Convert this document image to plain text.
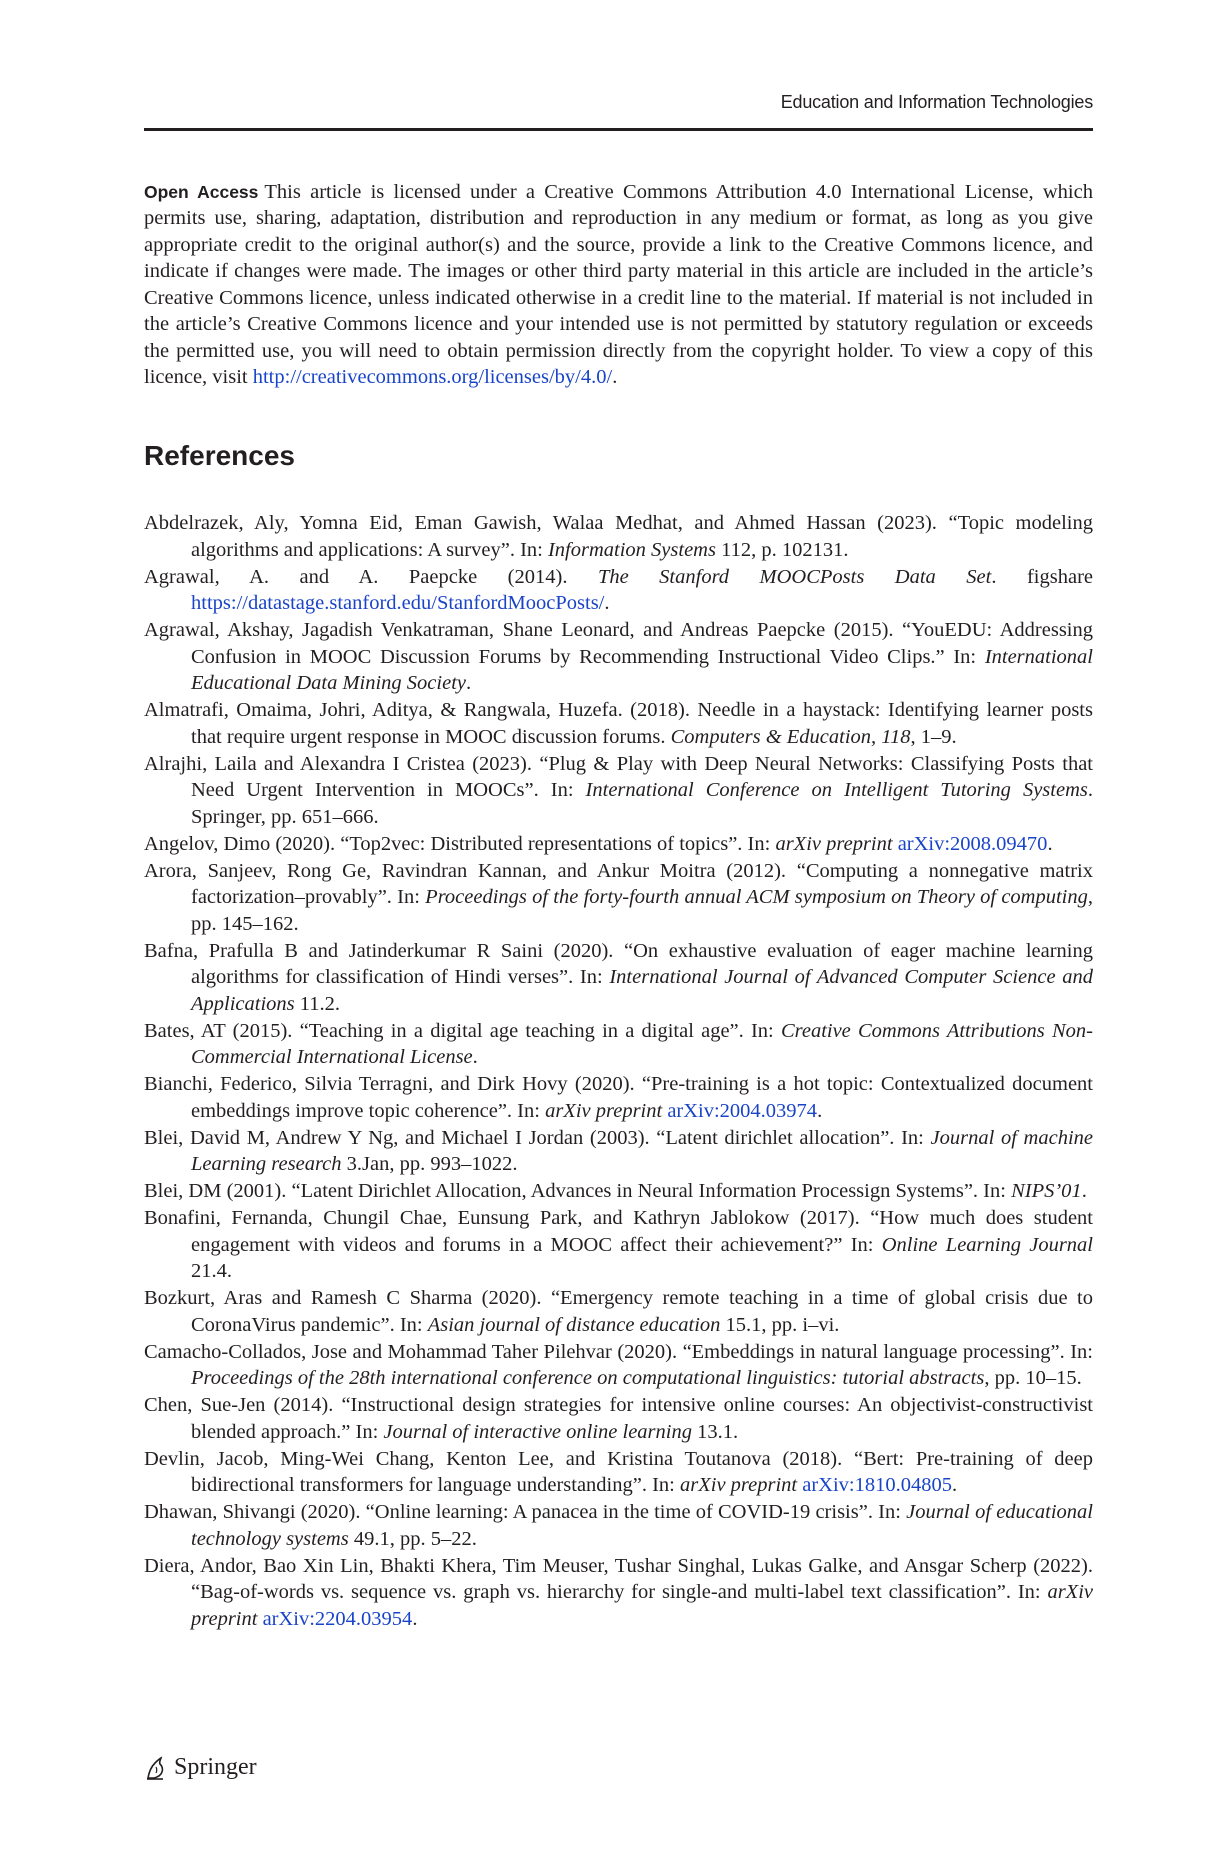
Education and Information Technologies

Open Access This article is licensed under a Creative Commons Attribution 4.0 International License, which permits use, sharing, adaptation, distribution and reproduction in any medium or format, as long as you give appropriate credit to the original author(s) and the source, provide a link to the Creative Commons licence, and indicate if changes were made. The images or other third party material in this article are included in the article’s Creative Commons licence, unless indicated otherwise in a credit line to the material. If material is not included in the article’s Creative Commons licence and your intended use is not permitted by statutory regulation or exceeds the permitted use, you will need to obtain permission directly from the copyright holder. To view a copy of this licence, visit http://creativecommons.org/licenses/by/4.0/.

References
Abdelrazek, Aly, Yomna Eid, Eman Gawish, Walaa Medhat, and Ahmed Hassan (2023). “Topic modeling algorithms and applications: A survey”. In: Information Systems 112, p. 102131.
Agrawal, A. and A. Paepcke (2014). The Stanford MOOCPosts Data Set. figshare https://datastage.stanford.edu/StanfordMoocPosts/.
Agrawal, Akshay, Jagadish Venkatraman, Shane Leonard, and Andreas Paepcke (2015). “YouEDU: Addressing Confusion in MOOC Discussion Forums by Recommending Instructional Video Clips.” In: International Educational Data Mining Society.
Almatrafi, Omaima, Johri, Aditya, & Rangwala, Huzefa. (2018). Needle in a haystack: Identifying learner posts that require urgent response in MOOC discussion forums. Computers & Education, 118, 1–9.
Alrajhi, Laila and Alexandra I Cristea (2023). “Plug & Play with Deep Neural Networks: Classifying Posts that Need Urgent Intervention in MOOCs”. In: International Conference on Intelligent Tutoring Systems. Springer, pp. 651–666.
Angelov, Dimo (2020). “Top2vec: Distributed representations of topics”. In: arXiv preprint arXiv:2008.09470.
Arora, Sanjeev, Rong Ge, Ravindran Kannan, and Ankur Moitra (2012). “Computing a nonnegative matrix factorization–provably”. In: Proceedings of the forty-fourth annual ACM symposium on Theory of computing, pp. 145–162.
Bafna, Prafulla B and Jatinderkumar R Saini (2020). “On exhaustive evaluation of eager machine learning algorithms for classification of Hindi verses”. In: International Journal of Advanced Computer Science and Applications 11.2.
Bates, AT (2015). “Teaching in a digital age teaching in a digital age”. In: Creative Commons Attributions Non-Commercial International License.
Bianchi, Federico, Silvia Terragni, and Dirk Hovy (2020). “Pre-training is a hot topic: Contextualized document embeddings improve topic coherence”. In: arXiv preprint arXiv:2004.03974.
Blei, David M, Andrew Y Ng, and Michael I Jordan (2003). “Latent dirichlet allocation”. In: Journal of machine Learning research 3.Jan, pp. 993–1022.
Blei, DM (2001). “Latent Dirichlet Allocation, Advances in Neural Information Processign Systems”. In: NIPS’01.
Bonafini, Fernanda, Chungil Chae, Eunsung Park, and Kathryn Jablokow (2017). “How much does student engagement with videos and forums in a MOOC affect their achievement?” In: Online Learning Journal 21.4.
Bozkurt, Aras and Ramesh C Sharma (2020). “Emergency remote teaching in a time of global crisis due to CoronaVirus pandemic”. In: Asian journal of distance education 15.1, pp. i–vi.
Camacho-Collados, Jose and Mohammad Taher Pilehvar (2020). “Embeddings in natural language processing”. In: Proceedings of the 28th international conference on computational linguistics: tutorial abstracts, pp. 10–15.
Chen, Sue-Jen (2014). “Instructional design strategies for intensive online courses: An objectivist-constructivist blended approach.” In: Journal of interactive online learning 13.1.
Devlin, Jacob, Ming-Wei Chang, Kenton Lee, and Kristina Toutanova (2018). “Bert: Pre-training of deep bidirectional transformers for language understanding”. In: arXiv preprint arXiv:1810.04805.
Dhawan, Shivangi (2020). “Online learning: A panacea in the time of COVID-19 crisis”. In: Journal of educational technology systems 49.1, pp. 5–22.
Diera, Andor, Bao Xin Lin, Bhakti Khera, Tim Meuser, Tushar Singhal, Lukas Galke, and Ansgar Scherp (2022). “Bag-of-words vs. sequence vs. graph vs. hierarchy for single-and multi-label text classification”. In: arXiv preprint arXiv:2204.03954.
Springer
